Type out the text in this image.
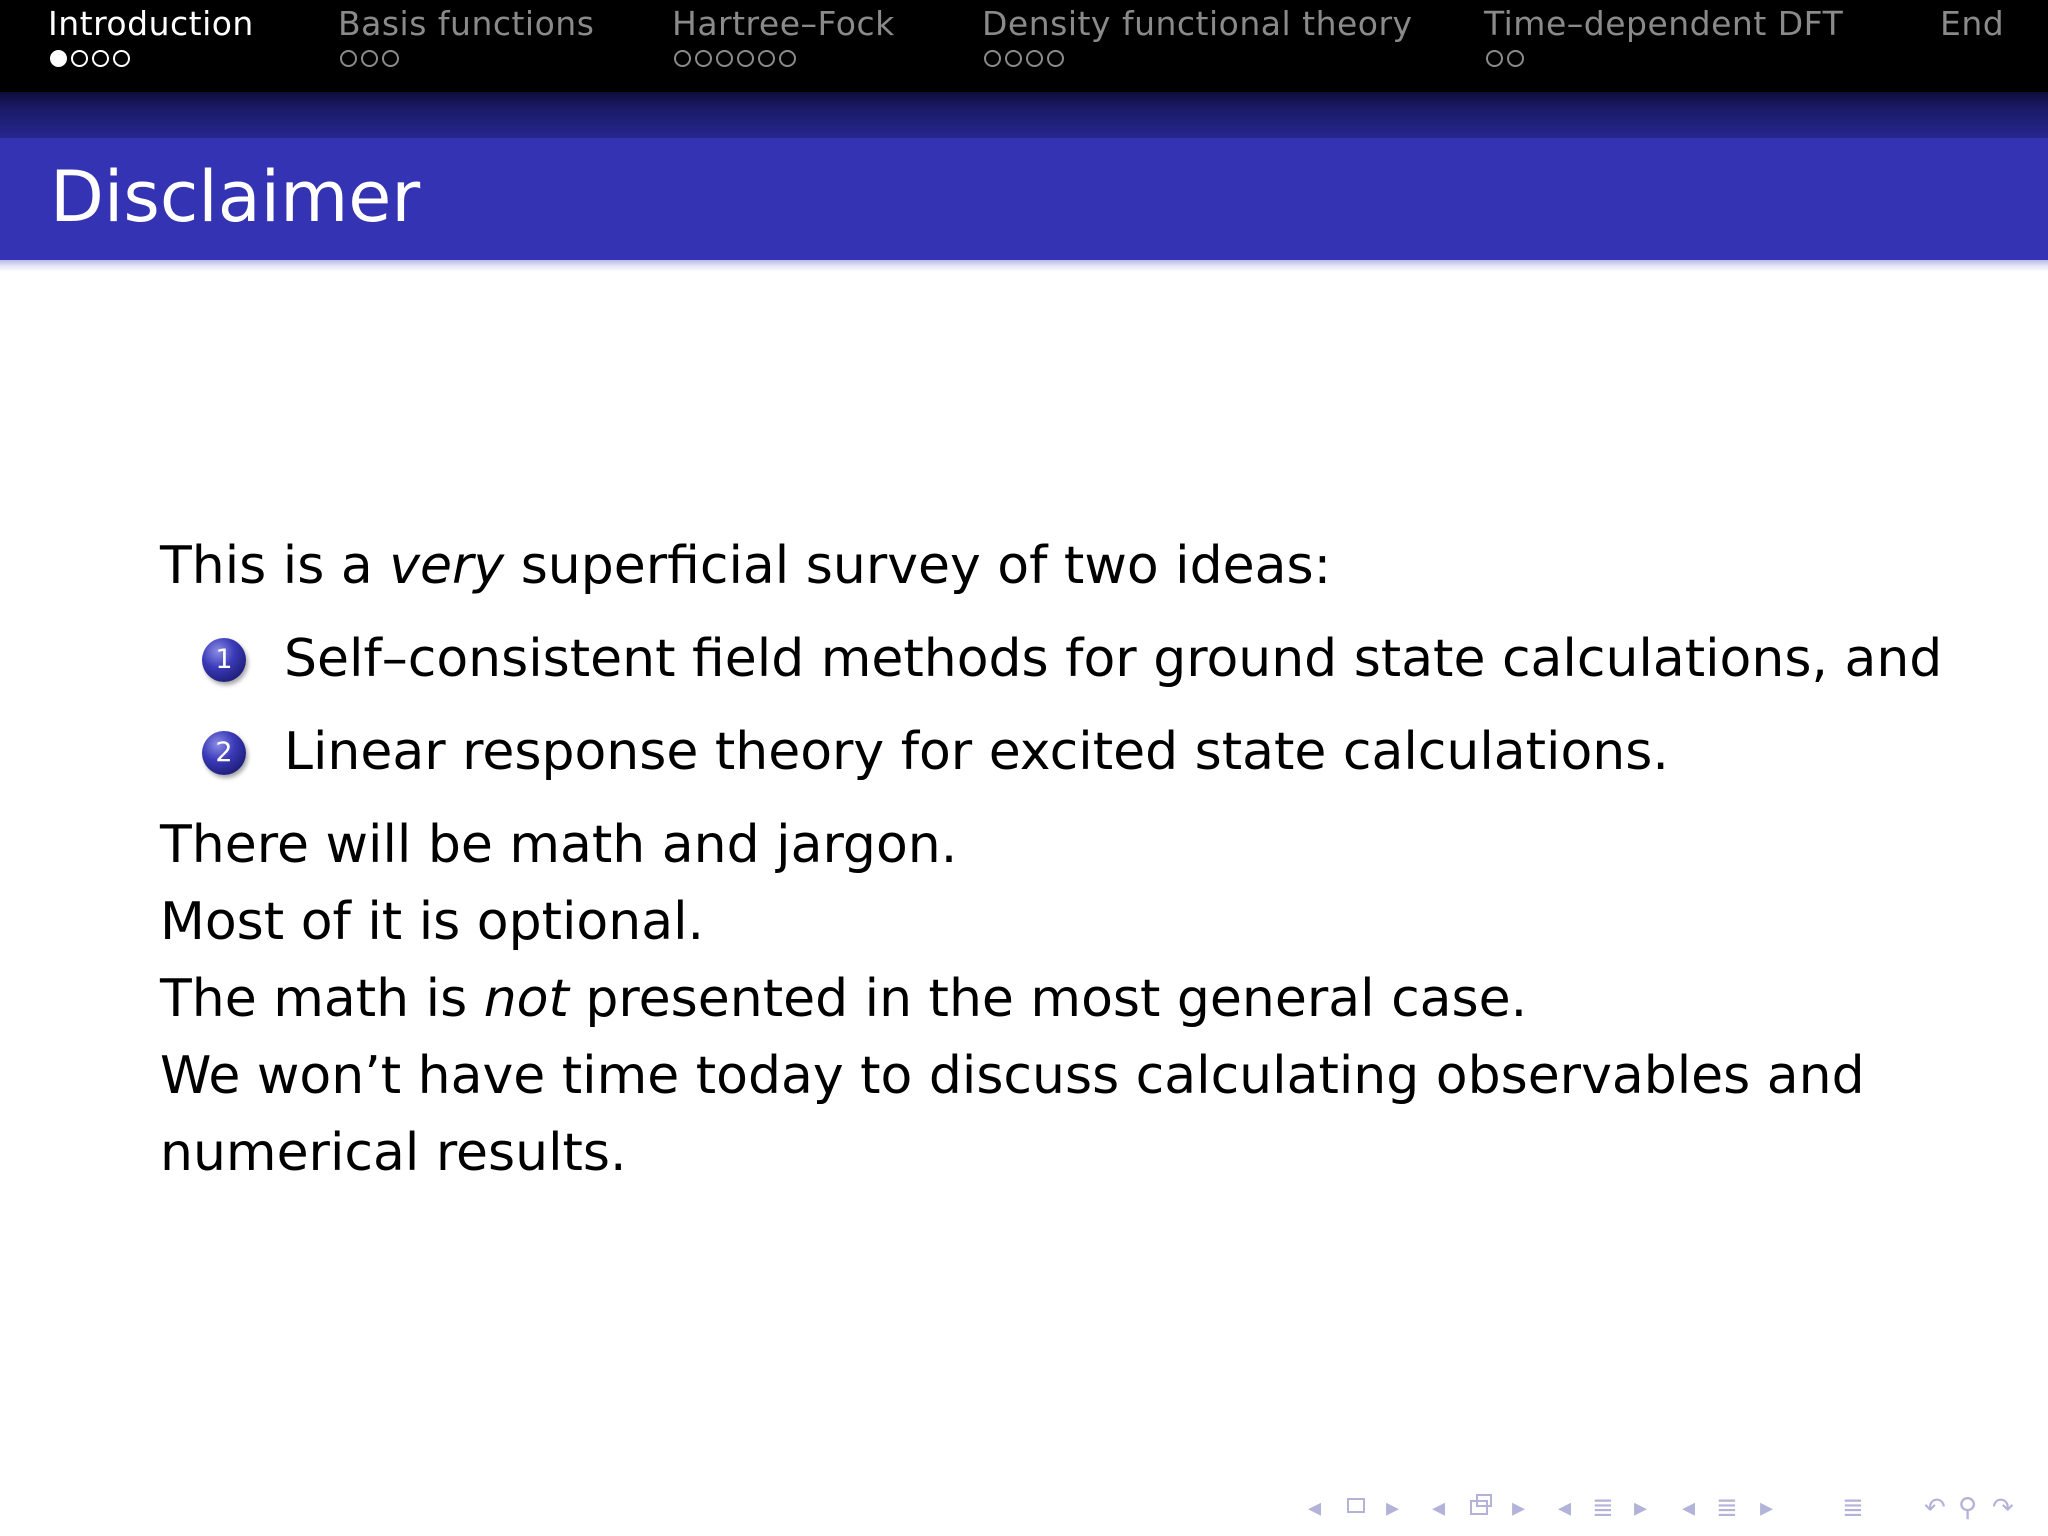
Introduction	Basis functions Hartree–Fock	Density functional theory Time–dependent DFT	End
Disclaimer
This is a very superficial survey of two ideas:
1 Self–consistent field methods for ground state calculations, and
2 Linear response theory for excited state calculations.
There will be math and jargon.
Most of it is optional.
The math is not presented in the most general case.
We won’t have time today to discuss calculating observables and
numerical results.
◂ ▸ ◂	▸ ◂ ≣ ▸ ◂ ≣ ▸	≣ ↶ ⚲ ↷
